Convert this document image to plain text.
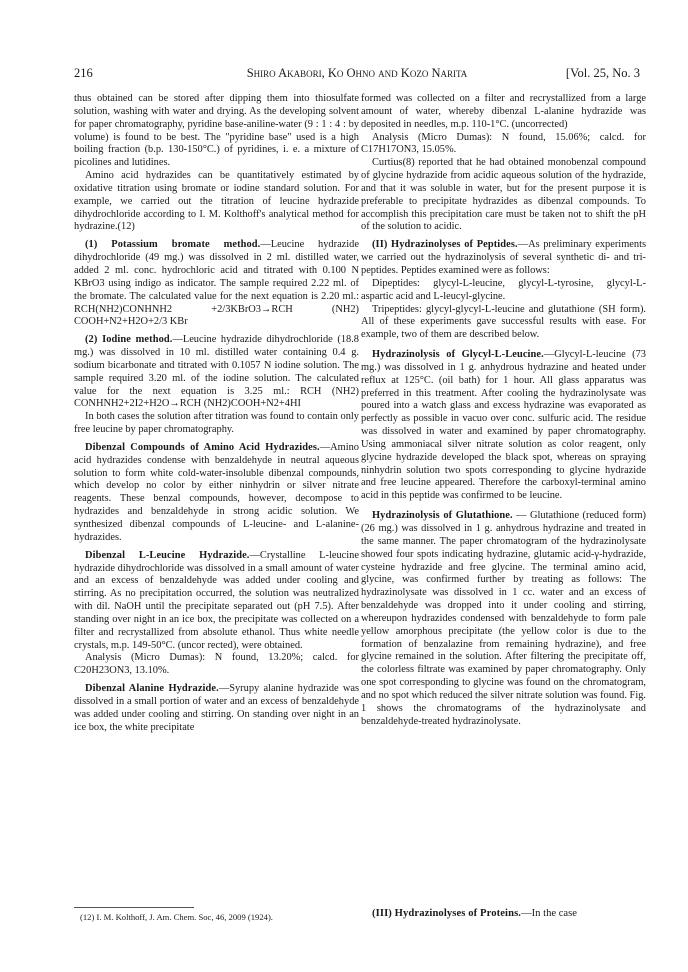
216	Shiro Akabori, Ko Ohno and Kozo Narita	[Vol. 25, No. 3

thus obtained can be stored after dipping them into thiosulfate solution, washing with water and drying. As the developing solvent for paper chromatography, pyridine base-aniline-water (9 : 1 : 4 : by volume) is found to be best. The "pyridine base" used is a high boiling fraction (b.p. 130-150°C.) of pyridines, i. e. a mixture of picolines and lutidines.

Amino acid hydrazides can be quantitatively estimated by oxidative titration using bromate or iodine standard solution. For example, we carried out the titration of leucine hydrazide dihydrochloride according to I. M. Kolthoff's analytical method for hydrazine.(12)

(1) Potassium bromate method.—Leucine hydrazide dihydrochloride (49 mg.) was dissolved in 2 ml. distilled water, added 2 ml. conc. hydrochloric acid and titrated with 0.100 N KBrO3 using indigo as indicator. The sample required 2.22 ml. of the bromate. The calculated value for the next equation is 2.20 ml.: RCH(NH2)CONHNH2 +2/3KBrO3→RCH (NH2) COOH+N2+H2O+2/3 KBr

(2) Iodine method.—Leucine hydrazide dihydrochloride (18.8 mg.) was dissolved in 10 ml. distilled water containing 0.4 g. sodium bicarbonate and titrated with 0.1057 N iodine solution. The sample required 3.20 ml. of the iodine solution. The calculated value for the next equation is 3.25 ml.: RCH (NH2) CONHNH2+2I2+H2O→RCH (NH2)COOH+N2+4HI

In both cases the solution after titration was found to contain only free leucine by paper chromatography.

Dibenzal Compounds of Amino Acid Hydrazides.—Amino acid hydrazides condense with benzaldehyde in neutral aqueous solution to form white cold-water-insoluble dibenzal compounds, which develop no color by either ninhydrin or silver nitrate reagents. These benzal compounds, however, decompose to hydrazides and benzaldehyde in strong acidic solution. We synthesized dibenzal compounds of L-leucine- and L-alanine-hydrazides.

Dibenzal L-Leucine Hydrazide.—Crystalline L-leucine hydrazide dihydrochloride was dissolved in a small amount of water and an excess of benzaldehyde was added under cooling and stirring. As no precipitation occurred, the solution was neutralized with dil. NaOH until the precipitate separated out (pH 7.5). After standing over night in an ice box, the precipitate was collected on a filter and recrystallized from absolute ethanol. Thus white needle crystals, m.p. 149-50°C. (uncor rected), were obtained.

Analysis (Micro Dumas): N found, 13.20%; calcd. for C20H23ON3, 13.10%.

Dibenzal Alanine Hydrazide.—Syrupy alanine hydrazide was dissolved in a small portion of water and an excess of benzaldehyde was added under cooling and stirring. On standing over night in an ice box, the white precipitate

(12) I. M. Kolthoff, J. Am. Chem. Soc, 46, 2009 (1924).

formed was collected on a filter and recrystallized from a large amount of water, whereby dibenzal L-alanine hydrazide was deposited in needles, m.p. 110-1°C. (uncorrected)

Analysis (Micro Dumas): N found, 15.06%; calcd. for C17H17ON3, 15.05%.

Curtius(8) reported that he had obtained monobenzal compound of glycine hydrazide from acidic aqueous solution of the hydrazide, and that it was soluble in water, but for the present purpose it is preferable to precipitate hydrazides as dibenzal compounds. To accomplish this precipitation care must be taken not to shift the pH of the solution to acidic.

(II) Hydrazinolyses of Peptides.—As preliminary experiments we carried out the hydrazinolysis of several synthetic di- and tri-peptides. Peptides examined were as follows:

Dipeptides: glycyl-L-leucine, glycyl-L-tyrosine, glycyl-L-aspartic acid and L-leucyl-glycine.

Tripeptides: glycyl-glycyl-L-leucine and glutathione (SH form). All of these experiments gave successful results with ease. For example, two of them are described below.

Hydrazinolysis of Glycyl-L-Leucine.—Glycyl-L-leucine (73 mg.) was dissolved in 1 g. anhydrous hydrazine and heated under reflux at 125°C. (oil bath) for 1 hour. All glass apparatus was preferred in this treatment. After cooling the hydrazinolysate was poured into a watch glass and excess hydrazine was evaporated as perfectly as possible in vacuo over conc. sulfuric acid. The residue was dissolved in water and examined by paper chromatography. Using ammoniacal silver nitrate solution as color reagent, only glycine hydrazide developed the black spot, whereas on spraying ninhydrin solution two spots corresponding to glycine hydrazide and free leucine appeared. Therefore the carboxyl-terminal amino acid in this peptide was confirmed to be leucine.

Hydrazinolysis of Glutathione. — Glutathione (reduced form) (26 mg.) was dissolved in 1 g. anhydrous hydrazine and treated in the same manner. The paper chromatogram of the hydrazinolysate showed four spots indicating hydrazine, glutamic acid-γ-hydrazide, cysteine hydrazide and free glycine. The terminal amino acid, glycine, was confirmed further by treating as follows: The hydrazinolysate was dissolved in 1 cc. water and an excess of benzaldehyde was dropped into it under cooling and stirring, whereupon hydrazides condensed with benzaldehyde to form pale yellow amorphous precipitate (the yellow color is due to the formation of benzalazine from remaining hydrazine), and free glycine remained in the solution. After filtering the precipitate off, the colorless filtrate was examined by paper chromatography. Only one spot corresponding to glycine was found on the chromatogram, and no spot which reduced the silver nitrate solution was found. Fig. 1 shows the chromatograms of the hydrazinolysate and benzaldehyde-treated hydrazinolysate.

(III) Hydrazinolyses of Proteins.—In the case
